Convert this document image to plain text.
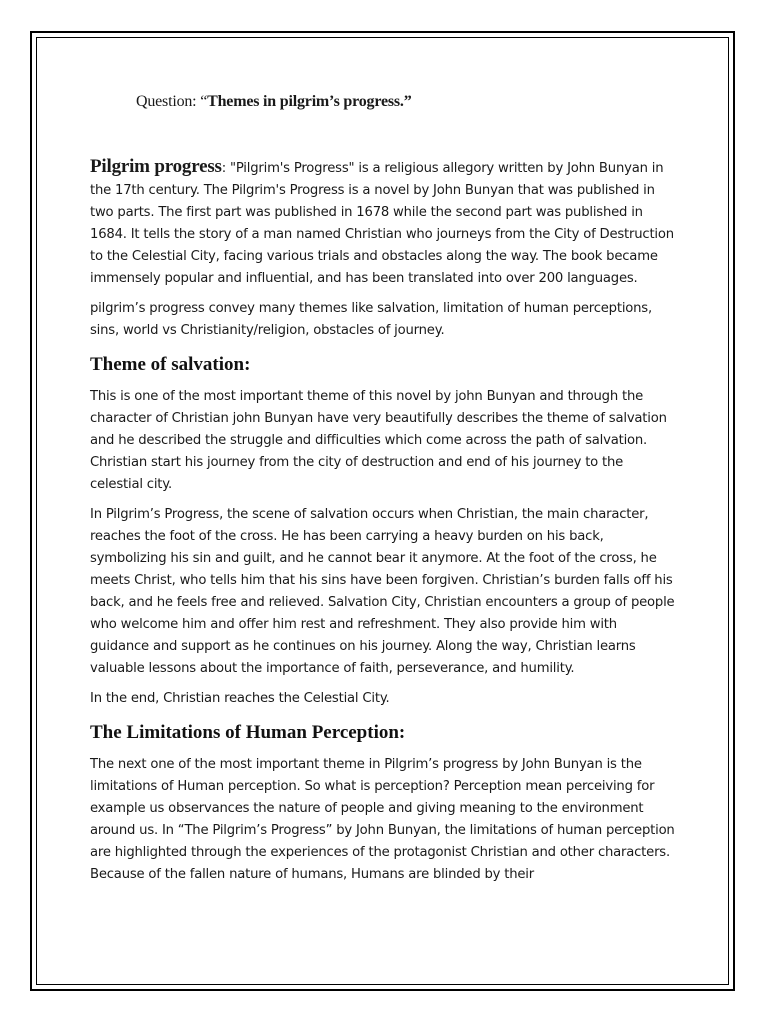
Question: “Themes in pilgrim’s progress.”

Pilgrim progress: "Pilgrim's Progress" is a religious allegory written by John Bunyan in the 17th century. The Pilgrim's Progress is a novel by John Bunyan that was published in two parts. The first part was published in 1678 while the second part was published in 1684. It tells the story of a man named Christian who journeys from the City of Destruction to the Celestial City, facing various trials and obstacles along the way. The book became immensely popular and influential, and has been translated into over 200 languages.

pilgrim’s progress convey many themes like salvation, limitation of human perceptions, sins, world vs Christianity/religion, obstacles of journey.

Theme of salvation:

This is one of the most important theme of this novel by john Bunyan and through the character of Christian john Bunyan have very beautifully describes the theme of salvation and he described the struggle and difficulties which come across the path of salvation. Christian start his journey from the city of destruction and end of his journey to the celestial city.

In Pilgrim’s Progress, the scene of salvation occurs when Christian, the main character, reaches the foot of the cross. He has been carrying a heavy burden on his back, symbolizing his sin and guilt, and he cannot bear it anymore. At the foot of the cross, he meets Christ, who tells him that his sins have been forgiven. Christian’s burden falls off his back, and he feels free and relieved. Salvation City, Christian encounters a group of people who welcome him and offer him rest and refreshment. They also provide him with guidance and support as he continues on his journey. Along the way, Christian learns valuable lessons about the importance of faith, perseverance, and humility.

In the end, Christian reaches the Celestial City.

The Limitations of Human Perception:

The next one of the most important theme in Pilgrim’s progress by John Bunyan is the limitations of Human perception. So what is perception? Perception mean perceiving for example us observances the nature of people and giving meaning to the environment around us. In “The Pilgrim’s Progress” by John Bunyan, the limitations of human perception are highlighted through the experiences of the protagonist Christian and other characters. Because of the fallen nature of humans, Humans are blinded by their
